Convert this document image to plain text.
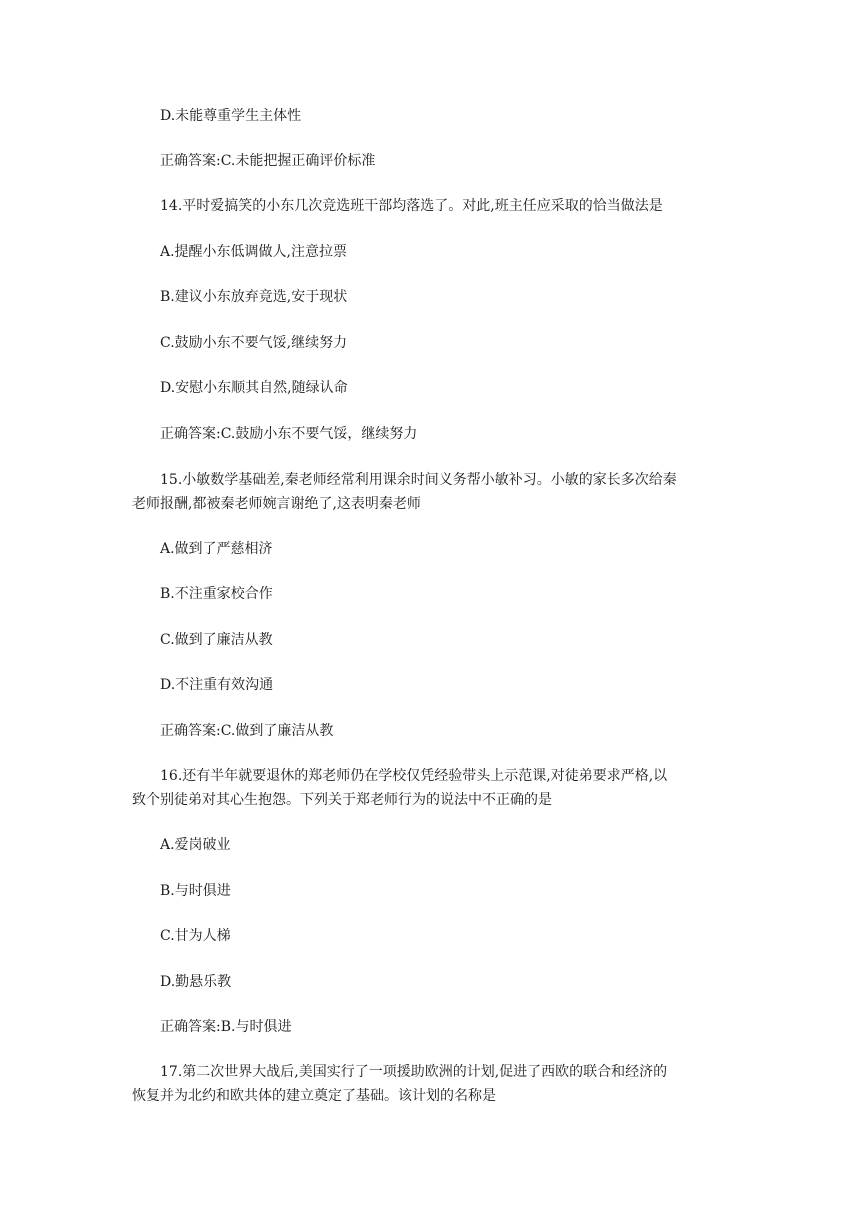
D.未能尊重学生主体性
正确答案:C.未能把握正确评价标准
14.平时爱搞笑的小东几次竞选班干部均落选了。对此,班主任应采取的恰当做法是
A.提醒小东低调做人,注意拉票
B.建议小东放弃竞选,安于现状
C.鼓励小东不要气馁,继续努力
D.安慰小东顺其自然,随绿认命
正确答案:C.鼓励小东不要气馁，继续努力
15.小敏数学基础差,秦老师经常利用课余时间义务帮小敏补习。小敏的家长多次给秦
老师报酬,都被秦老师婉言谢绝了,这表明秦老师
A.做到了严慈相济
B.不注重家校合作
C.做到了廉洁从教
D.不注重有效沟通
正确答案:C.做到了廉洁从教
16.还有半年就要退休的郑老师仍在学校仅凭经验带头上示范课,对徒弟要求严格,以
致个别徒弟对其心生抱怨。下列关于郑老师行为的说法中不正确的是
A.爱岗破业
B.与时俱进
C.甘为人梯
D.勤悬乐教
正确答案:B.与时俱进
17.第二次世界大战后,美国实行了一项援助欧洲的计划,促进了西欧的联合和经济的
恢复并为北约和欧共体的建立奠定了基础。该计划的名称是
